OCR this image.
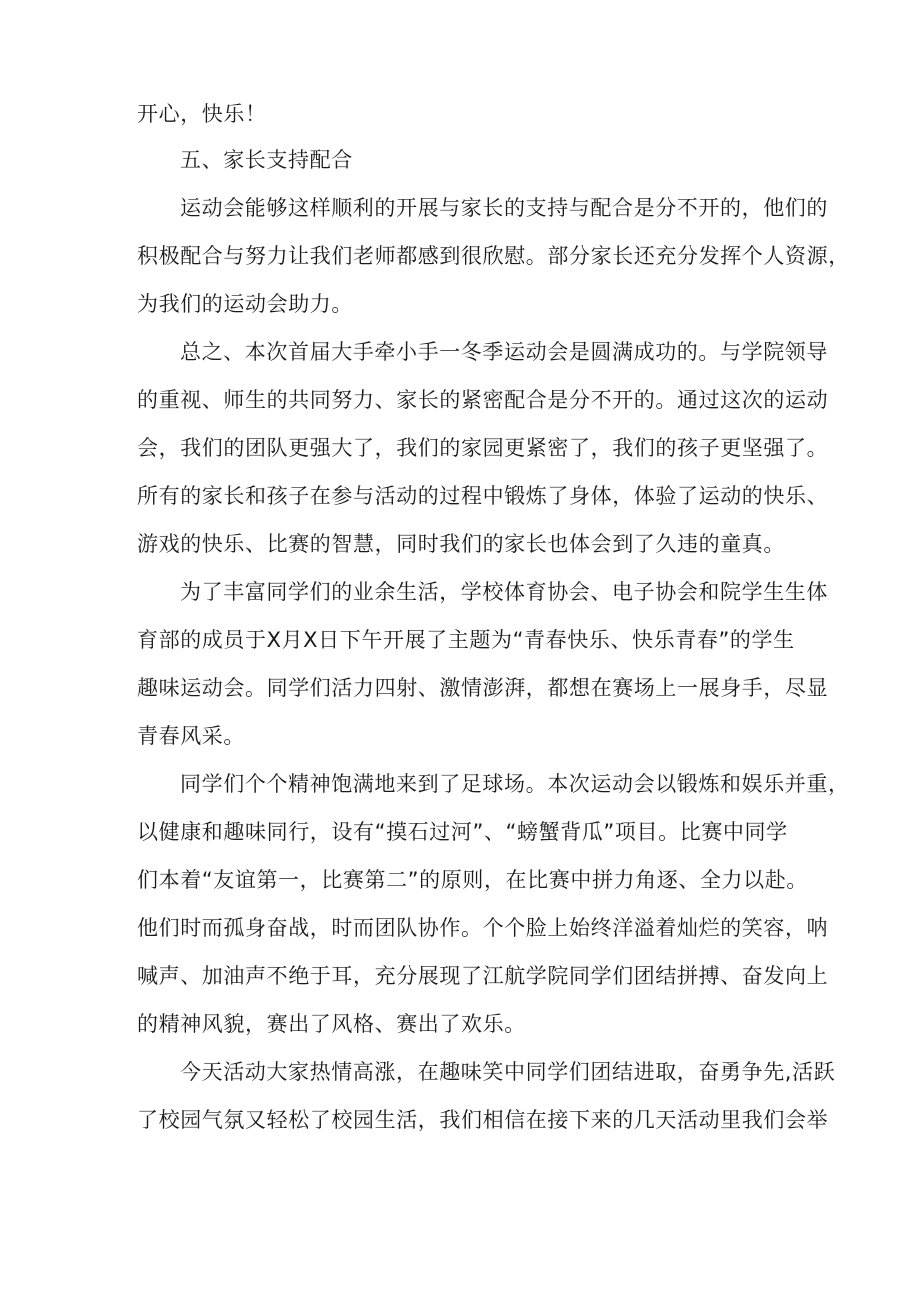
开心，快乐！
五、家长支持配合
运动会能够这样顺利的开展与家长的支持与配合是分不开的，他们的
积极配合与努力让我们老师都感到很欣慰。部分家长还充分发挥个人资源，
为我们的运动会助力。
总之、本次首届大手牵小手一冬季运动会是圆满成功的。与学院领导
的重视、师生的共同努力、家长的紧密配合是分不开的。通过这次的运动
会，我们的团队更强大了，我们的家园更紧密了，我们的孩子更坚强了。
所有的家长和孩子在参与活动的过程中锻炼了身体，体验了运动的快乐、
游戏的快乐、比赛的智慧，同时我们的家长也体会到了久违的童真。
为了丰富同学们的业余生活，学校体育协会、电子协会和院学生生体
育部的成员于X月X日下午开展了主题为“青春快乐、快乐青春”的学生
趣味运动会。同学们活力四射、激情澎湃，都想在赛场上一展身手，尽显
青春风采。
同学们个个精神饱满地来到了足球场。本次运动会以锻炼和娱乐并重，
以健康和趣味同行，设有“摸石过河”、“螃蟹背瓜”项目。比赛中同学
们本着“友谊第一，比赛第二”的原则，在比赛中拼力角逐、全力以赴。
他们时而孤身奋战，时而团队协作。个个脸上始终洋溢着灿烂的笑容，呐
喊声、加油声不绝于耳，充分展现了江航学院同学们团结拼搏、奋发向上
的精神风貌，赛出了风格、赛出了欢乐。
今天活动大家热情高涨，在趣味笑中同学们团结进取，奋勇争先,活跃
了校园气氛又轻松了校园生活，我们相信在接下来的几天活动里我们会举
